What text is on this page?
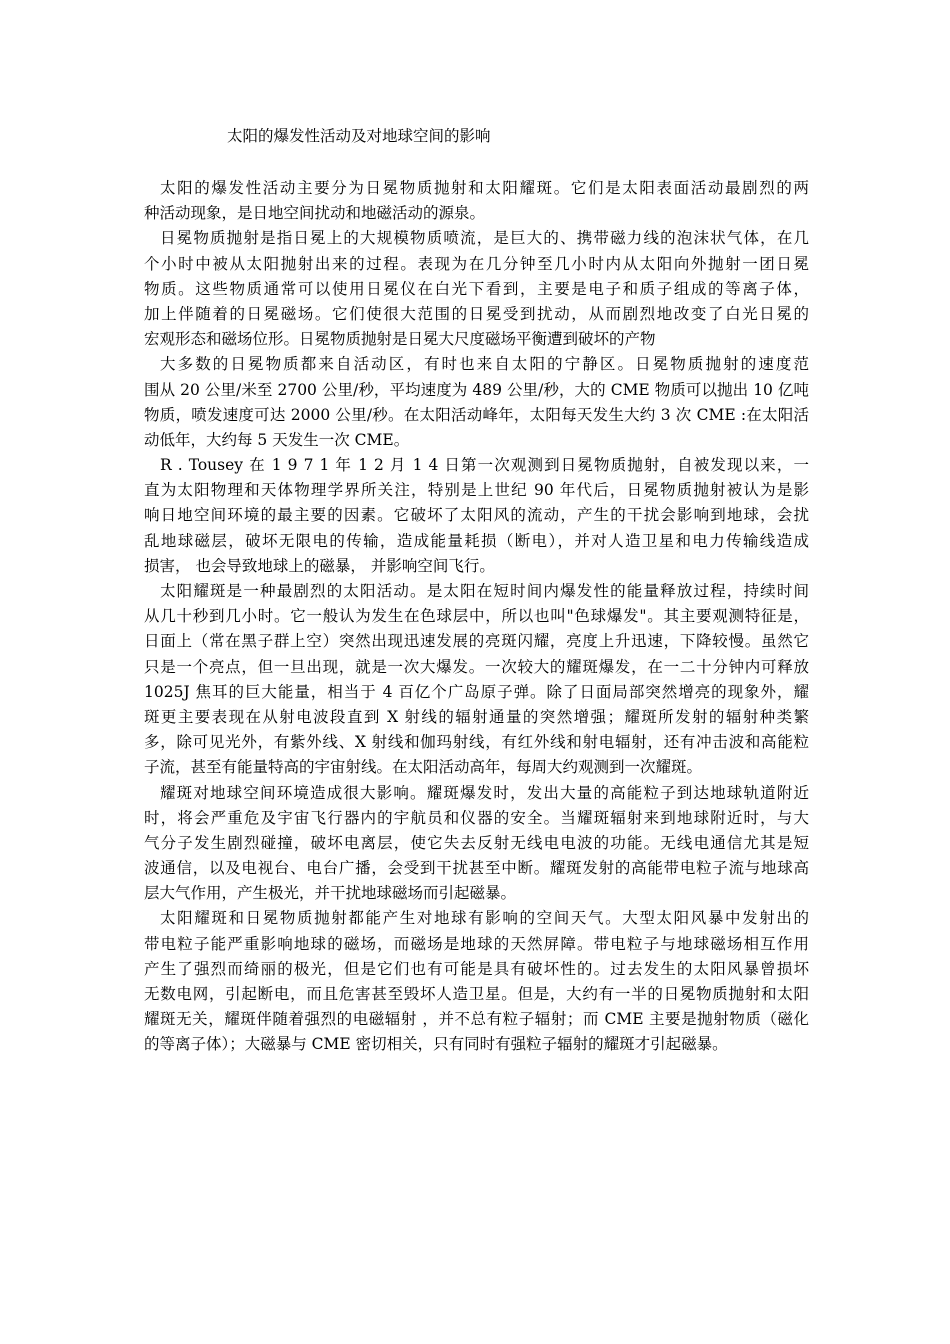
太阳的爆发性活动及对地球空间的影响
太阳的爆发性活动主要分为日冕物质抛射和太阳耀斑。它们是太阳表面活动最剧烈的两
种活动现象，是日地空间扰动和地磁活动的源泉。
日冕物质抛射是指日冕上的大规模物质喷流，是巨大的、携带磁力线的泡沫状气体，在几
个小时中被从太阳抛射出来的过程。表现为在几分钟至几小时内从太阳向外抛射一团日冕
物质。这些物质通常可以使用日冕仪在白光下看到，主要是电子和质子组成的等离子体，
加上伴随着的日冕磁场。它们使很大范围的日冕受到扰动，从而剧烈地改变了白光日冕的
宏观形态和磁场位形。日冕物质抛射是日冕大尺度磁场平衡遭到破坏的产物
大多数的日冕物质都来自活动区，有时也来自太阳的宁静区。日冕物质抛射的速度范
围从 20 公里/米至 2700 公里/秒，平均速度为 489 公里/秒，大的 CME 物质可以抛出 10 亿吨
物质，喷发速度可达 2000 公里/秒。在太阳活动峰年，太阳每天发生大约 3 次 CME :在太阳活
动低年，大约每 5 天发生一次 CME。
R . Tousey 在 1 9 7 1 年 1 2 月 1 4 日第一次观测到日冕物质抛射，自被发现以来，一
直为太阳物理和天体物理学界所关注，特别是上世纪 90 年代后，日冕物质抛射被认为是影
响日地空间环境的最主要的因素。它破坏了太阳风的流动，产生的干扰会影响到地球，会扰
乱地球磁层，破坏无限电的传输，造成能量耗损（断电），并对人造卫星和电力传输线造成
损害， 也会导致地球上的磁暴， 并影响空间飞行。
太阳耀斑是一种最剧烈的太阳活动。是太阳在短时间内爆发性的能量释放过程，持续时间
从几十秒到几小时。它一般认为发生在色球层中，所以也叫"色球爆发"。其主要观测特征是，
日面上（常在黑子群上空）突然出现迅速发展的亮斑闪耀，亮度上升迅速，下降较慢。虽然它
只是一个亮点，但一旦出现，就是一次大爆发。一次较大的耀斑爆发，在一二十分钟内可释放
1025J 焦耳的巨大能量，相当于 4 百亿个广岛原子弹。除了日面局部突然增亮的现象外，耀
斑更主要表现在从射电波段直到 X 射线的辐射通量的突然增强；耀斑所发射的辐射种类繁
多，除可见光外，有紫外线、X 射线和伽玛射线，有红外线和射电辐射，还有冲击波和高能粒
子流，甚至有能量特高的宇宙射线。在太阳活动高年，每周大约观测到一次耀斑。
耀斑对地球空间环境造成很大影响。耀斑爆发时，发出大量的高能粒子到达地球轨道附近
时，将会严重危及宇宙飞行器内的宇航员和仪器的安全。当耀斑辐射来到地球附近时，与大
气分子发生剧烈碰撞，破坏电离层，使它失去反射无线电电波的功能。无线电通信尤其是短
波通信，以及电视台、电台广播，会受到干扰甚至中断。耀斑发射的高能带电粒子流与地球高
层大气作用，产生极光，并干扰地球磁场而引起磁暴。
太阳耀斑和日冕物质抛射都能产生对地球有影响的空间天气。大型太阳风暴中发射出的
带电粒子能严重影响地球的磁场，而磁场是地球的天然屏障。带电粒子与地球磁场相互作用
产生了强烈而绮丽的极光，但是它们也有可能是具有破坏性的。过去发生的太阳风暴曾损坏
无数电网，引起断电，而且危害甚至毁坏人造卫星。但是，大约有一半的日冕物质抛射和太阳
耀斑无关，耀斑伴随着强烈的电磁辐射 ，并不总有粒子辐射；而 CME 主要是抛射物质（磁化
的等离子体）；大磁暴与 CME 密切相关，只有同时有强粒子辐射的耀斑才引起磁暴。
